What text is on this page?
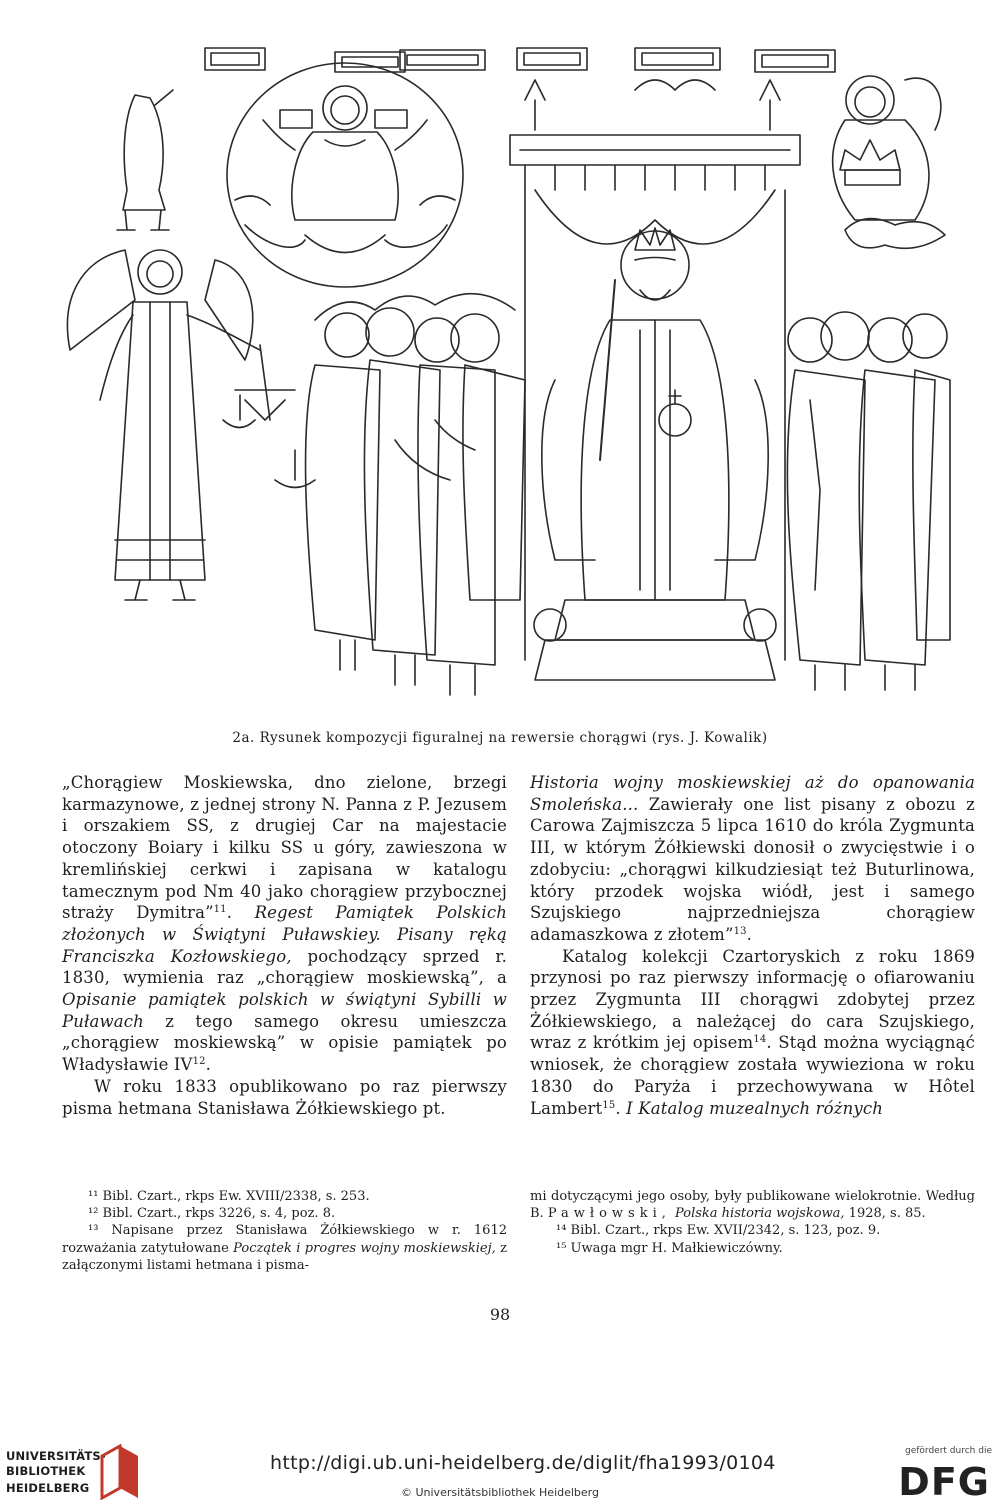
2a. Rysunek kompozycji figuralnej na rewersie chorągwi (rys. J. Kowalik)

„Chorągiew Moskiewska, dno zielone, brzegi karmazynowe, z jednej strony N. Panna z P. Jezusem i orszakiem SS, z drugiej Car na majestacie otoczony Boiary i kilku SS u góry, zawieszona w kremlińskiej cerkwi i zapisana w katalogu tamecznym pod Nm 40 jako chorągiew przybocznej straży Dymitra”$^{11}$. Regest Pamiątek Polskich złożonych w Świątyni Puławskiey. Pisany ręką Franciszka Kozłowskiego, pochodzący sprzed r. 1830, wymienia raz „chorągiew moskiewską”, a Opisanie pamiątek polskich w świątyni Sybilli w Puławach z tego samego okresu umieszcza „chorągiew moskiewską” w opisie pamiątek po Władysławie IV$^{12}$.

W roku 1833 opublikowano po raz pierwszy pisma hetmana Stanisława Żółkiewskiego pt.

Historia wojny moskiewskiej aż do opanowania Smoleńska... Zawierały one list pisany z obozu z Carowa Zajmiszcza 5 lipca 1610 do króla Zygmunta III, w którym Żółkiewski donosił o zwycięstwie i o zdobyciu: „chorągwi kilkudziesiąt też Buturlinowa, który przodek wojska wiódł, jest i samego Szujskiego najprzedniejsza chorągiew adamaszkowa z złotem”$^{13}$.

Katalog kolekcji Czartoryskich z roku 1869 przynosi po raz pierwszy informację o ofiarowaniu przez Zygmunta III chorągwi zdobytej przez Żółkiewskiego, a należącej do cara Szujskiego, wraz z krótkim jej opisem$^{14}$. Stąd można wyciągnąć wniosek, że chorągiew została wywieziona w roku 1830 do Paryża i przechowywana w Hôtel Lambert$^{15}$. I Katalog muzealnych różnych

¹¹ Bibl. Czart., rkps Ew. XVIII/2338, s. 253.

¹² Bibl. Czart., rkps 3226, s. 4, poz. 8.

¹³ Napisane przez Stanisława Żółkiewskiego w r. 1612 rozważania zatytułowane Początek i progres wojny moskiewskiej, z załączonymi listami hetmana i pisma-

mi dotyczącymi jego osoby, były publikowane wielokrotnie. Według B. Pawłowski, Polska historia wojskowa, 1928, s. 85.

¹⁴ Bibl. Czart., rkps Ew. XVII/2342, s. 123, poz. 9.

¹⁵ Uwaga mgr H. Małkiewiczówny.

98
UNIVERSITÄTS-
BIBLIOTHEK
HEIDELBERG
http://digi.ub.uni-heidelberg.de/diglit/fha1993/0104
© Universitätsbibliothek Heidelberg
gefördert durch die
DFG
